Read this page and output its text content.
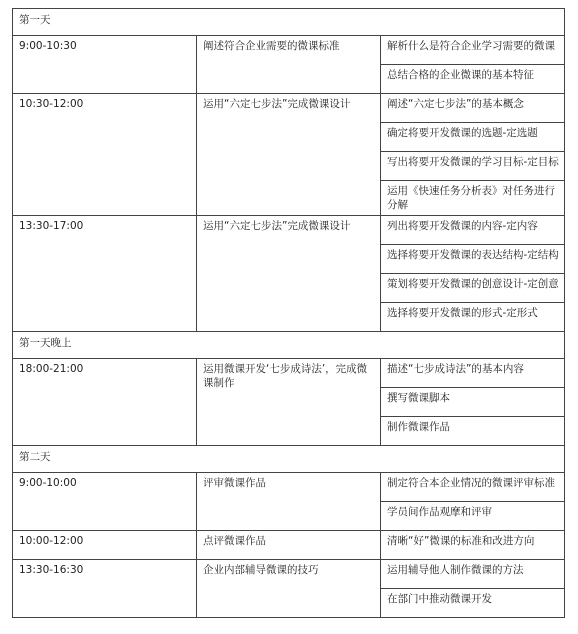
第一天		
9:00-10:30	阐述符合企业需要的微课标准	解析什么是符合企业学习需要的微课
		总结合格的企业微课的基本特征
10:30-12:00	运用“六定七步法”完成微课设计	阐述“六定七步法”的基本概念
		确定将要开发微课的选题-定选题
		写出将要开发微课的学习目标-定目标
		运用《快速任务分析表》对任务进行分解
13:30-17:00	运用“六定七步法”完成微课设计	列出将要开发微课的内容-定内容
		选择将要开发微课的表达结构-定结构
		策划将要开发微课的创意设计-定创意
		选择将要开发微课的形式-定形式
第一天晚上		
18:00-21:00	运用微课开发‘七步成诗法’，完成微课制作	描述“七步成诗法”的基本内容
		撰写微课脚本
		制作微课作品
第二天		
9:00-10:00	评审微课作品	制定符合本企业情况的微课评审标准
		学员间作品观摩和评审
10:00-12:00	点评微课作品	清晰“好”微课的标准和改进方向
13:30-16:30	企业内部辅导微课的技巧	运用辅导他人制作微课的方法
		在部门中推动微课开发
